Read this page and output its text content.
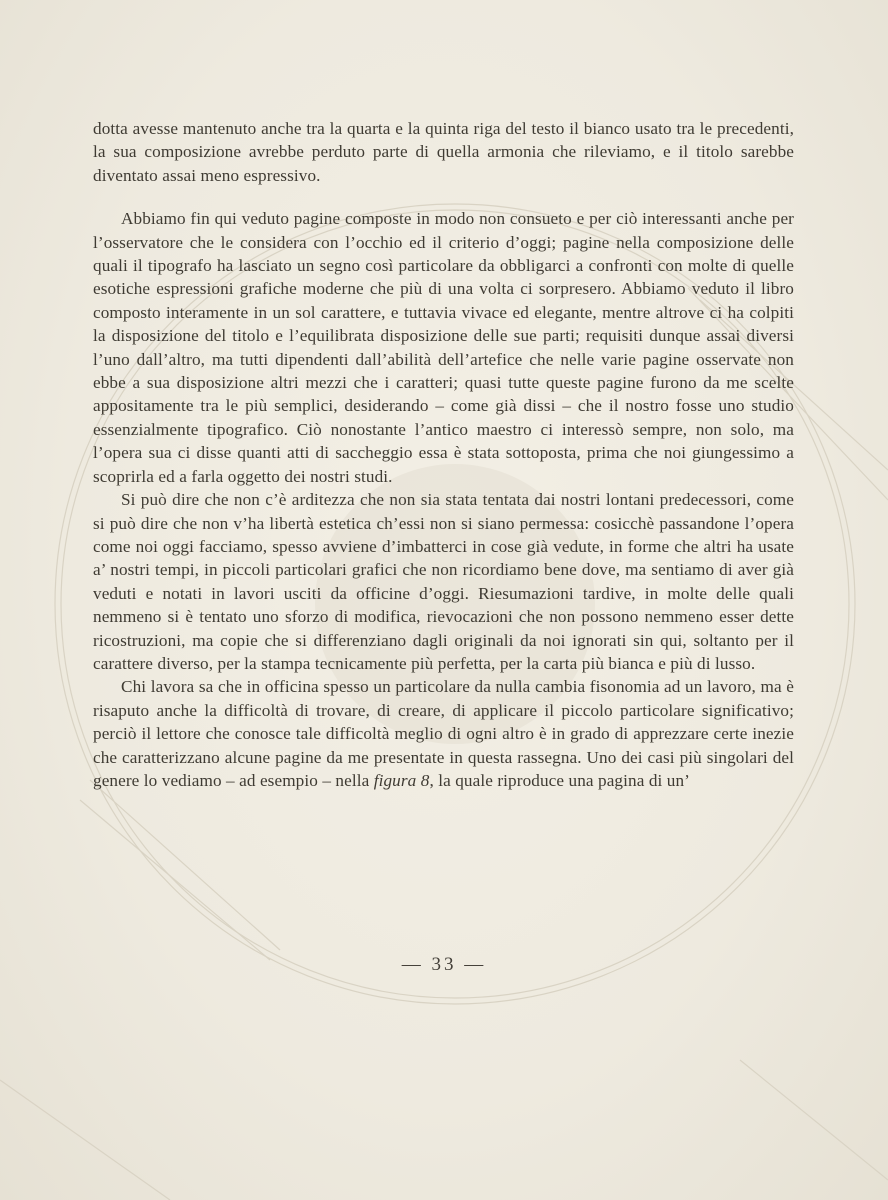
dotta avesse mantenuto anche tra la quarta e la quinta riga del testo il bianco usato tra le precedenti, la sua composizione avrebbe perduto parte di quella armonia che rileviamo, e il titolo sarebbe diventato assai meno espressivo.

Abbiamo fin qui veduto pagine composte in modo non consueto e per ciò interessanti anche per l’osservatore che le considera con l’occhio ed il criterio d’oggi; pagine nella composizione delle quali il tipografo ha lasciato un segno così particolare da obbligarci a confronti con molte di quelle esotiche espressioni grafiche moderne che più di una volta ci sorpresero. Abbiamo veduto il libro composto interamente in un sol carattere, e tuttavia vivace ed elegante, mentre altrove ci ha colpiti la disposizione del titolo e l’equilibrata disposizione delle sue parti; requisiti dunque assai diversi l’uno dall’altro, ma tutti dipendenti dall’abilità dell’artefice che nelle varie pagine osservate non ebbe a sua disposizione altri mezzi che i caratteri; quasi tutte queste pagine furono da me scelte appositamente tra le più semplici, desiderando – come già dissi – che il nostro fosse uno studio essenzialmente tipografico. Ciò nonostante l’antico maestro ci interessò sempre, non solo, ma l’opera sua ci disse quanti atti di saccheggio essa è stata sottoposta, prima che noi giungessimo a scoprirla ed a farla oggetto dei nostri studi.

Si può dire che non c’è arditezza che non sia stata tentata dai nostri lontani predecessori, come si può dire che non v’ha libertà estetica ch’essi non si siano permessa: cosicchè passandone l’opera come noi oggi facciamo, spesso avviene d’imbatterci in cose già vedute, in forme che altri ha usate a’ nostri tempi, in piccoli particolari grafici che non ricordiamo bene dove, ma sentiamo di aver già veduti e notati in lavori usciti da officine d’oggi. Riesumazioni tardive, in molte delle quali nemmeno si è tentato uno sforzo di modifica, rievocazioni che non possono nemmeno esser dette ricostruzioni, ma copie che si differenziano dagli originali da noi ignorati sin qui, soltanto per il carattere diverso, per la stampa tecnicamente più perfetta, per la carta più bianca e più di lusso.

Chi lavora sa che in officina spesso un particolare da nulla cambia fisonomia ad un lavoro, ma è risaputo anche la difficoltà di trovare, di creare, di applicare il piccolo particolare significativo; perciò il lettore che conosce tale difficoltà meglio di ogni altro è in grado di apprezzare certe inezie che caratterizzano alcune pagine da me presentate in questa rassegna. Uno dei casi più singolari del genere lo vediamo – ad esempio – nella figura 8, la quale riproduce una pagina di un’

— 33 —
